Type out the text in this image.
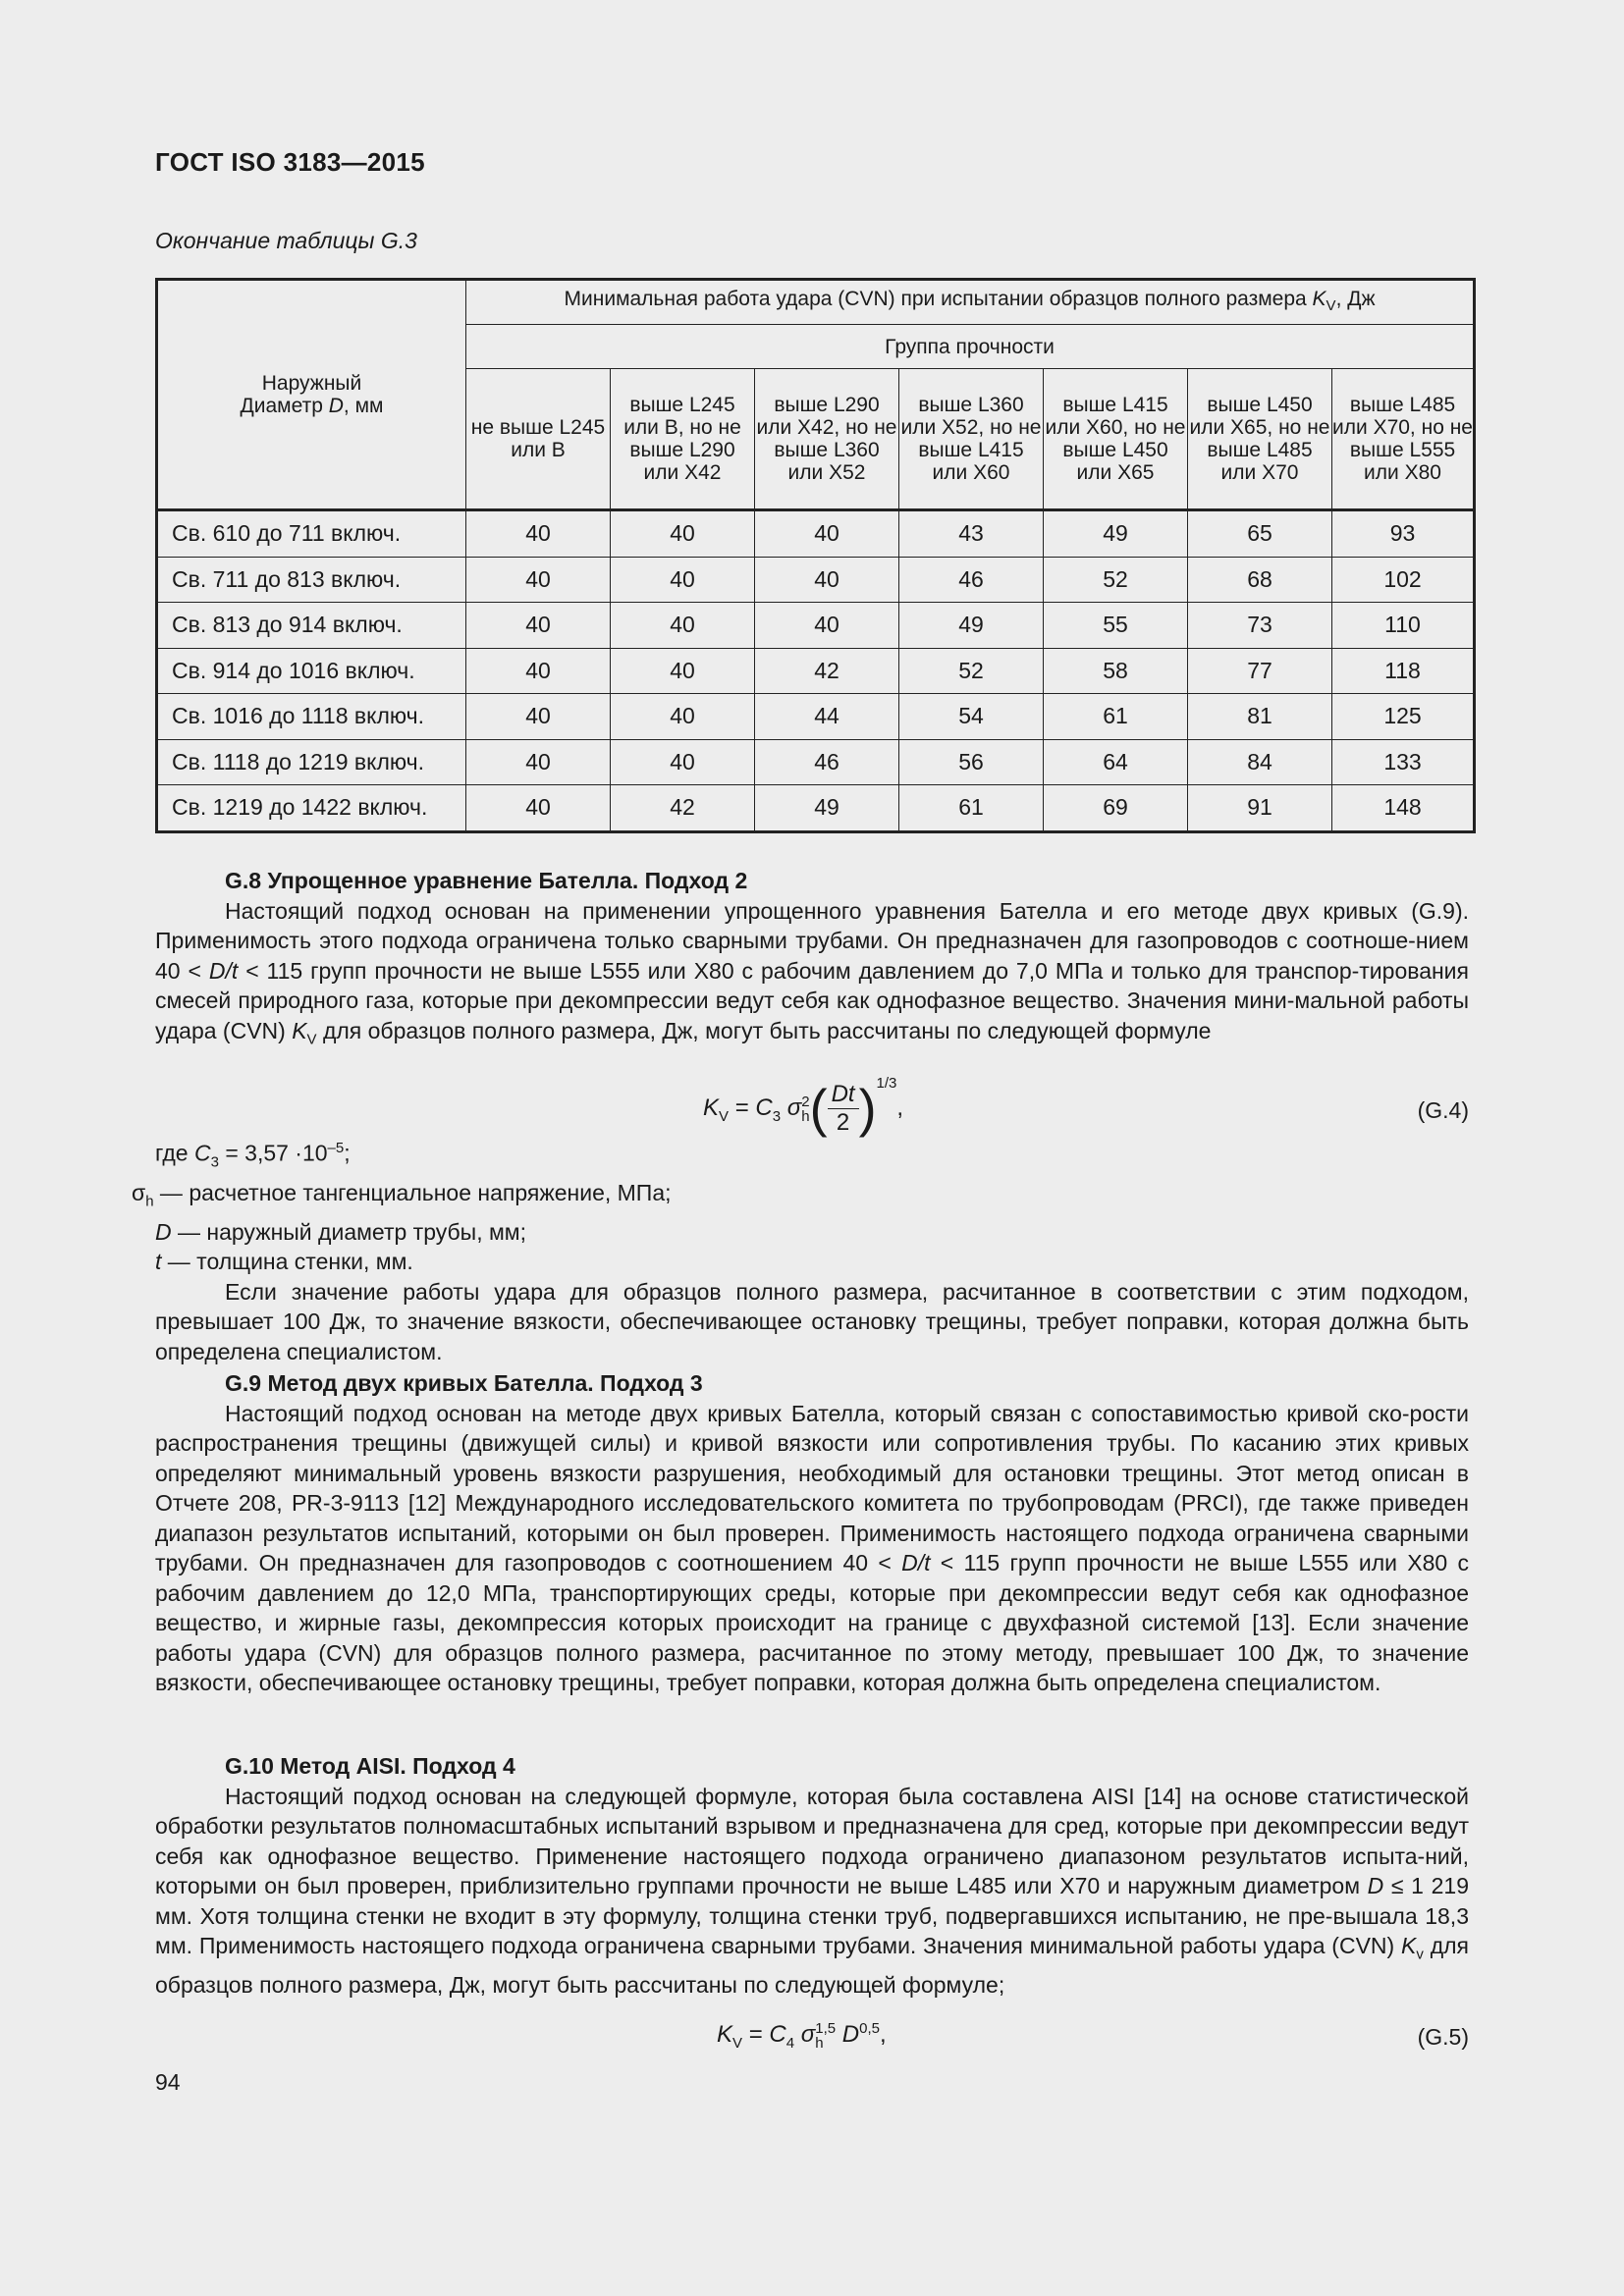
ГОСТ ISO 3183—2015
Окончание таблицы G.3
Наружный
Диаметр D, мм	Минимальная работа удара (CVN) при испытании образцов полного размера $K_V$, Дж						
	Группа прочности						
	не выше L245 или B	выше L245 или B, но не выше L290 или X42	выше L290 или X42, но не выше L360 или X52	выше L360 или X52, но не выше L415 или X60	выше L415 или X60, но не выше L450 или X65	выше L450 или X65, но не выше L485 или X70	выше L485 или X70, но не выше L555 или X80
Св. 610 до 711 включ.	40	40	40	43	49	65	93
Св. 711 до 813 включ.	40	40	40	46	52	68	102
Св. 813 до 914 включ.	40	40	40	49	55	73	110
Св. 914 до 1016 включ.	40	40	42	52	58	77	118
Св. 1016 до 1118 включ.	40	40	44	54	61	81	125
Св. 1118 до 1219 включ.	40	40	46	56	64	84	133
Св. 1219 до 1422 включ.	40	42	49	61	69	91	148

G.8 Упрощенное уравнение Бателла. Подход 2

Настоящий подход основан на применении упрощенного уравнения Бателла и его методе двух кривых (G.9). Применимость этого подхода ограничена только сварными трубами. Он предназначен для газопроводов с соотноше-нием 40 < D/t < 115 групп прочности не выше L555 или X80 с рабочим давлением до 7,0 МПа и только для транспор-тирования смесей природного газа, которые при декомпрессии ведут себя как однофазное вещество. Значения мини-мальной работы удара (CVN) $K_V$ для образцов полного размера, Дж, могут быть рассчитаны по следующей формуле

$K_V = C_3$ σ 2
h ( $\frac{Dt}{2} )^{1/3}$,	(G.4)

где $C_3 = 3,57 \cdot 10^{-5}$;

$\sigma_h$ — расчетное тангенциальное напряжение, МПа;

D — наружный диаметр трубы, мм;

t — толщина стенки, мм.

Если значение работы удара для образцов полного размера, расчитанное в соответствии с этим подходом, превышает 100 Дж, то значение вязкости, обеспечивающее остановку трещины, требует поправки, которая должна быть определена специалистом.

G.9 Метод двух кривых Бателла. Подход 3

Настоящий подход основан на методе двух кривых Бателла, который связан с сопоставимостью кривой ско-рости распространения трещины (движущей силы) и кривой вязкости или сопротивления трубы. По касанию этих кривых определяют минимальный уровень вязкости разрушения, необходимый для остановки трещины. Этот метод описан в Отчете 208, PR-3-9113 [12] Международного исследовательского комитета по трубопроводам (PRCI), где также приведен диапазон результатов испытаний, которыми он был проверен. Применимость настоящего подхода ограничена сварными трубами. Он предназначен для газопроводов с соотношением 40 < D/t < 115 групп прочности не выше L555 или X80 с рабочим давлением до 12,0 МПа, транспортирующих среды, которые при декомпрессии ведут себя как однофазное вещество, и жирные газы, декомпрессия которых происходит на границе с двухфазной системой [13]. Если значение работы удара (CVN) для образцов полного размера, расчитанное по этому методу, превышает 100 Дж, то значение вязкости, обеспечивающее остановку трещины, требует поправки, которая должна быть определена специалистом.

G.10 Метод AISI. Подход 4

Настоящий подход основан на следующей формуле, которая была составлена AISI [14] на основе статистической обработки результатов полномасштабных испытаний взрывом и предназначена для сред, которые при декомпрессии ведут себя как однофазное вещество. Применение настоящего подхода ограничено диапазоном результатов испыта-ний, которыми он был проверен, приблизительно группами прочности не выше L485 или X70 и наружным диаметром D ≤ 1 219 мм. Хотя толщина стенки не входит в эту формулу, толщина стенки труб, подвергавшихся испытанию, не пре-вышала 18,3 мм. Применимость настоящего подхода ограничена сварными трубами. Значения минимальной работы удара (CVN) $K_v$ для образцов полного размера, Дж, могут быть рассчитаны по следующей формуле;

$K_V = C_4$ σ 1,5
h D$^{0,5}$,	(G.5)
94
